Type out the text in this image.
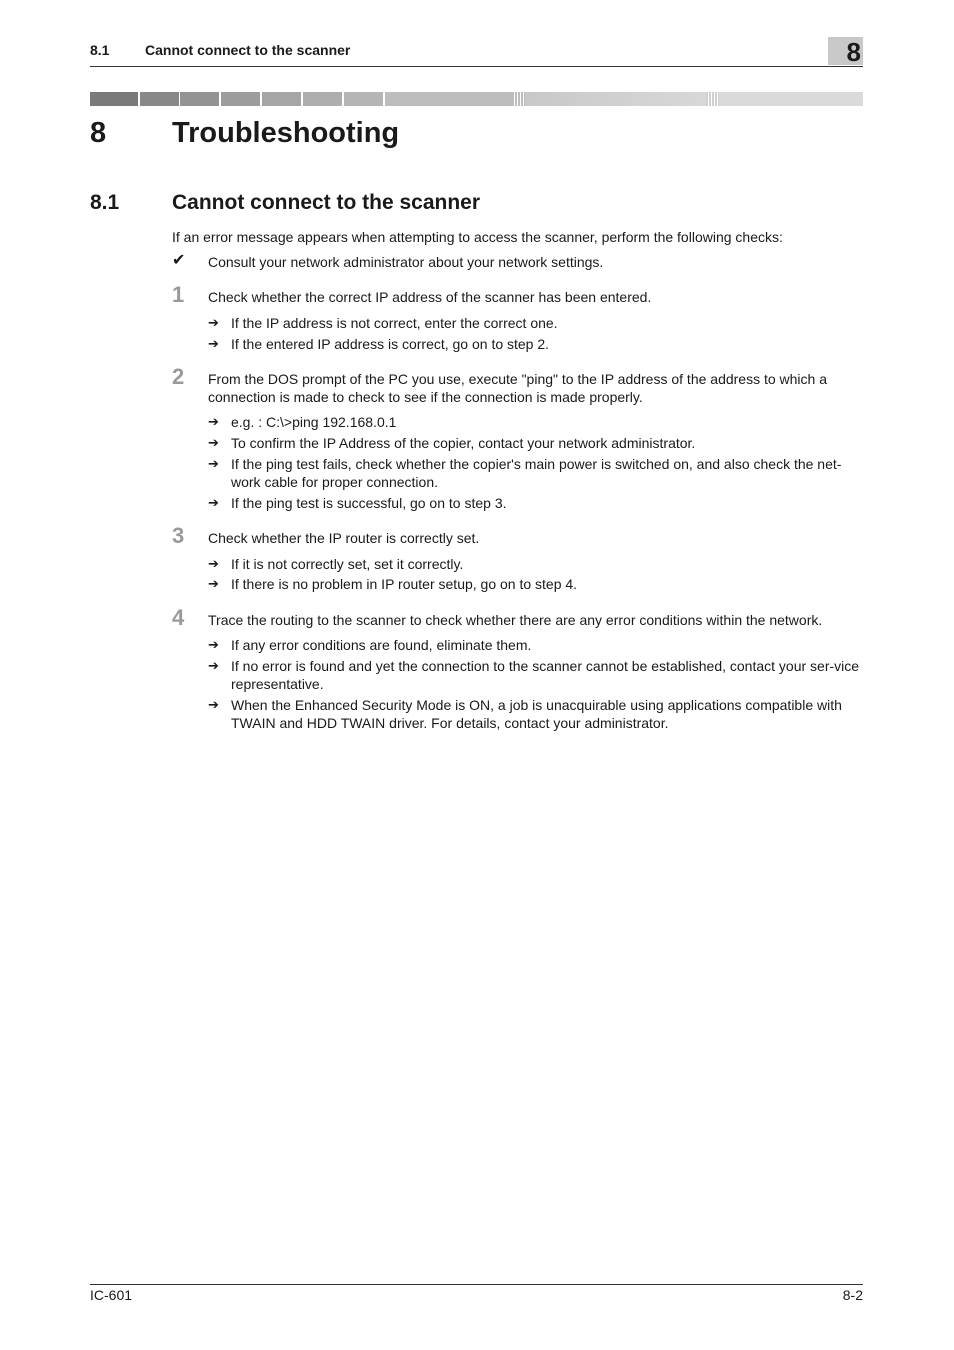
8.1	Cannot connect to the scanner	8
8 Troubleshooting
8.1	Cannot connect to the scanner
If an error message appears when attempting to access the scanner, perform the following checks:
✔ Consult your network administrator about your network settings.
1 Check whether the correct IP address of the scanner has been entered.
➔ If the IP address is not correct, enter the correct one.
➔ If the entered IP address is correct, go on to step 2.
2 From the DOS prompt of the PC you use, execute "ping" to the IP address of the address to which a connection is made to check to see if the connection is made properly.
➔ e.g. : C:\>ping 192.168.0.1
➔ To confirm the IP Address of the copier, contact your network administrator.
➔ If the ping test fails, check whether the copier's main power is switched on, and also check the net-work cable for proper connection.
➔ If the ping test is successful, go on to step 3.
3 Check whether the IP router is correctly set.
➔ If it is not correctly set, set it correctly.
➔ If there is no problem in IP router setup, go on to step 4.
4 Trace the routing to the scanner to check whether there are any error conditions within the network.
➔ If any error conditions are found, eliminate them.
➔ If no error is found and yet the connection to the scanner cannot be established, contact your ser-vice representative.
➔ When the Enhanced Security Mode is ON, a job is unacquirable using applications compatible with TWAIN and HDD TWAIN driver. For details, contact your administrator.
IC-601	8-2
